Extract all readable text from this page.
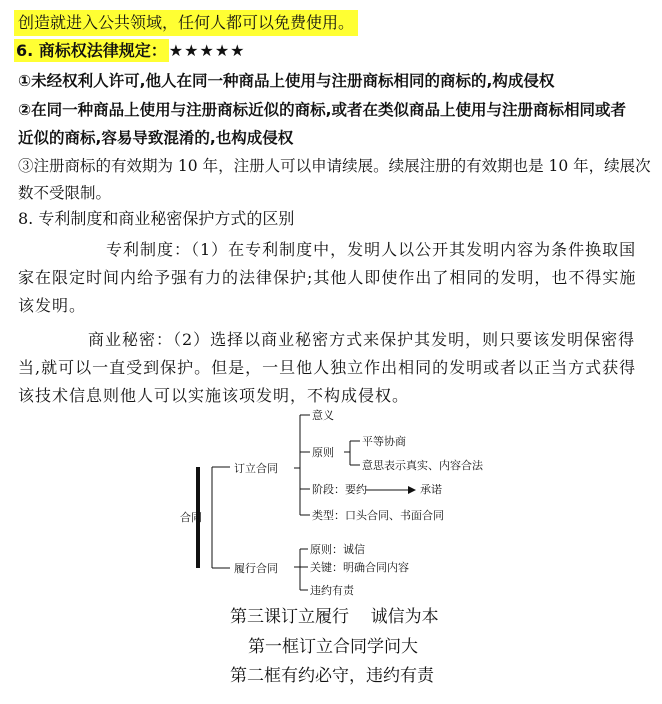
创造就进入公共领域，任何人都可以免费使用。
6. 商标权法律规定： ★★★★★
①未经权利人许可,他人在同一种商品上使用与注册商标相同的商标的,构成侵权
②在同一种商品上使用与注册商标近似的商标,或者在类似商品上使用与注册商标相同或者
近似的商标,容易导致混淆的,也构成侵权
③注册商标的有效期为 10 年，注册人可以申请续展。续展注册的有效期也是 10 年，续展次
数不受限制。
8. 专利制度和商业秘密保护方式的区别
专利制度：（1）在专利制度中，发明人以公开其发明内容为条件换取国家在限定时间内给予强有力的法律保护;其他人即使作出了相同的发明，也不得实施该发明。
商业秘密：（2）选择以商业秘密方式来保护其发明，则只要该发明保密得当,就可以一直受到保护。但是，一旦他人独立作出相同的发明或者以正当方式获得该技术信息则他人可以实施该项发明，不构成侵权。
合同
订立合同
意义
原则
平等协商
意思表示真实、内容合法
阶段：要约	承诺
类型：口头合同、书面合同
履行合同
原则：诚信
关键：明确合同内容
违约有责
第三课订立履行    诚信为本
第一框订立合同学问大
第二框有约必守，违约有责
